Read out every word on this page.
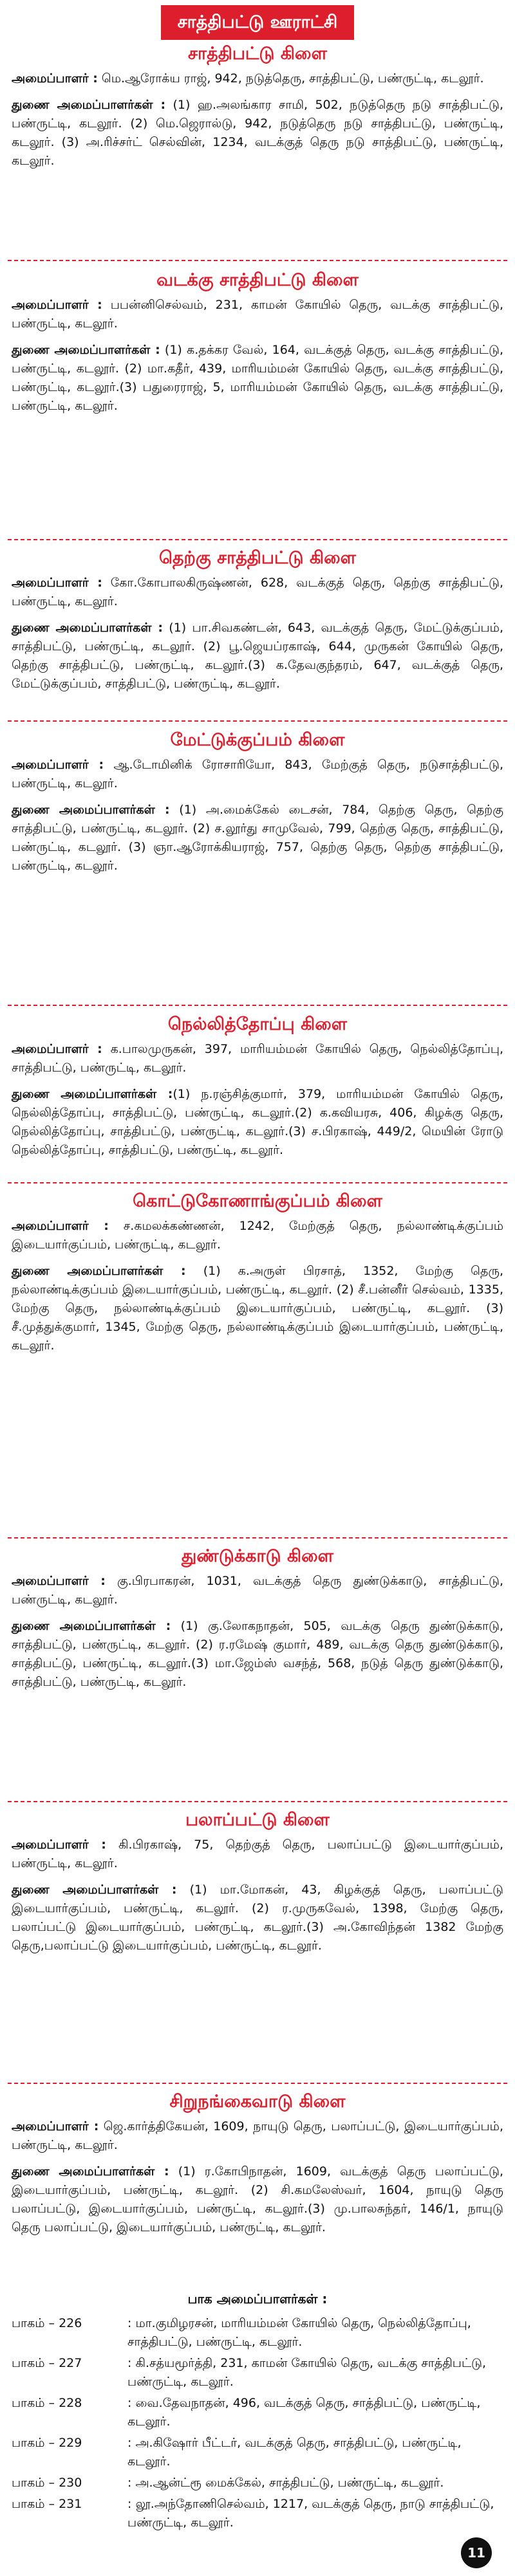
சாத்திபட்டு ஊராட்சி
சாத்திபட்டு கிளை

அமைப்பாளர் : மெ.ஆரோக்ய ராஜ், 942, நடுத்தெரு, சாத்திபட்டு, பண்ருட்டி, கடலூர்.

துணை அமைப்பாளர்கள் : (1) ஹ.அலங்கார சாமி, 502, நடுத்தெரு நடு சாத்திபட்டு, பண்ருட்டி, கடலூர். (2) மெ.ஜெரால்டு, 942, நடுத்தெரு நடு சாத்திபட்டு, பண்ருட்டி, கடலூர். (3) அ.ரிச்சர்ட் செல்வின், 1234, வடக்குத் தெரு நடு சாத்திபட்டு, பண்ருட்டி, கடலூர்.

வடக்கு சாத்திபட்டு கிளை

அமைப்பாளர் : பபன்னிசெல்வம், 231, காமன் கோயில் தெரு, வடக்கு சாத்திபட்டு, பண்ருட்டி, கடலூர்.

துணை அமைப்பாளர்கள் : (1) க.தக்கர வேல், 164, வடக்குத் தெரு, வடக்கு சாத்திபட்டு, பண்ருட்டி, கடலூர். (2) மா.கதீர், 439, மாரியம்மன் கோயில் தெரு, வடக்கு சாத்திபட்டு, பண்ருட்டி, கடலூர்.(3) பதுரைராஜ், 5, மாரியம்மன் கோயில் தெரு, வடக்கு சாத்திபட்டு, பண்ருட்டி, கடலூர்.

தெற்கு சாத்திபட்டு கிளை

அமைப்பாளர் : கோ.கோபாலகிருஷ்ணன், 628, வடக்குத் தெரு, தெற்கு சாத்திபட்டு, பண்ருட்டி, கடலூர்.

துணை அமைப்பாளர்கள் : (1) பா.சிவகண்டன், 643, வடக்குத் தெரு, மேட்டுக்குப்பம், சாத்திபட்டு, பண்ருட்டி, கடலூர். (2) பூ.ஜெயப்ரகாஷ், 644, முருகன் கோயில் தெரு, தெற்கு சாத்திபட்டு, பண்ருட்டி, கடலூர்.(3) க.தேவகுந்தரம், 647, வடக்குத் தெரு, மேட்டுக்குப்பம், சாத்திபட்டு, பண்ருட்டி, கடலூர்.

மேட்டுக்குப்பம் கிளை

அமைப்பாளர் : ஆ.டோமினிக் ரோசாரியோ, 843, மேற்குத் தெரு, நடுசாத்திபட்டு, பண்ருட்டி, கடலூர்.

துணை அமைப்பாளர்கள் : (1) அ.மைக்கேல் டைசன், 784, தெற்கு தெரு, தெற்கு சாத்திபட்டு, பண்ருட்டி, கடலூர். (2) ச.லூர்து சாமுவேல், 799, தெற்கு தெரு, சாத்திபட்டு, பண்ருட்டி, கடலூர். (3) ஞா.ஆரோக்கியராஜ், 757, தெற்கு தெரு, தெற்கு சாத்திபட்டு, பண்ருட்டி, கடலூர்.

நெல்லித்தோப்பு கிளை

அமைப்பாளர் : க.பாலமுருகன், 397, மாரியம்மன் கோயில் தெரு, நெல்லித்தோப்பு, சாத்திபட்டு, பண்ருட்டி, கடலூர்.

துணை அமைப்பாளர்கள் :(1) ந.ரஞ்சித்குமார், 379, மாரியம்மன் கோயில் தெரு, நெல்லித்தோப்பு, சாத்திபட்டு, பண்ருட்டி, கடலூர்.(2) க.கவியரசு, 406, கிழக்கு தெரு, நெல்லித்தோப்பு, சாத்திபட்டு, பண்ருட்டி, கடலூர்.(3) ச.பிரகாஷ், 449/2, மெயின் ரோடு நெல்லித்தோப்பு, சாத்திபட்டு, பண்ருட்டி, கடலூர்.

கொட்டுகோணாங்குப்பம் கிளை

அமைப்பாளர் : ச.கமலக்கண்ணன், 1242, மேற்குத் தெரு, நல்லாண்டிக்குப்பம் இடையார்குப்பம், பண்ருட்டி, கடலூர்.

துணை அமைப்பாளர்கள் : (1) க.அருள் பிரசாத், 1352, மேற்கு தெரு, நல்லாண்டிக்குப்பம் இடையார்குப்பம், பண்ருட்டி, கடலூர். (2) சீ.பன்னீர் செல்வம், 1335, மேற்கு தெரு, நல்லாண்டிக்குப்பம் இடையார்குப்பம், பண்ருட்டி, கடலூர். (3) சீ.முத்துக்குமார், 1345, மேற்கு தெரு, நல்லாண்டிக்குப்பம் இடையார்குப்பம், பண்ருட்டி, கடலூர்.

துண்டுக்காடு கிளை

அமைப்பாளர் : கு.பிரபாகரன், 1031, வடக்குத் தெரு துண்டுக்காடு, சாத்திபட்டு, பண்ருட்டி, கடலூர்.

துணை அமைப்பாளர்கள் : (1) கு.லோகநாதன், 505, வடக்கு தெரு துண்டுக்காடு, சாத்திபட்டு, பண்ருட்டி, கடலூர். (2) ர.ரமேஷ் குமார், 489, வடக்கு தெரு துண்டுக்காடு, சாத்திபட்டு, பண்ருட்டி, கடலூர்.(3) மா.ஜேம்ஸ் வசந்த், 568, நடுத் தெரு துண்டுக்காடு, சாத்திபட்டு, பண்ருட்டி, கடலூர்.

பலாப்பட்டு கிளை

அமைப்பாளர் : கி.பிரகாஷ், 75, தெற்குத் தெரு, பலாப்பட்டு இடையார்குப்பம், பண்ருட்டி, கடலூர்.

துணை அமைப்பாளர்கள் : (1) மா.மோகன், 43, கிழக்குத் தெரு, பலாப்பட்டு இடையார்குப்பம், பண்ருட்டி, கடலூர். (2) ர.முருகவேல், 1398, மேற்கு தெரு, பலாப்பட்டு இடையார்குப்பம், பண்ருட்டி, கடலூர்.(3) அ.கோவிந்தன் 1382 மேற்கு தெரு,பலாப்பட்டு இடையார்குப்பம், பண்ருட்டி, கடலூர்.

சிறுநங்கைவாடு கிளை

அமைப்பாளர் : ஜெ.கார்த்திகேயன், 1609, நாயுடு தெரு, பலாப்பட்டு, இடையார்குப்பம், பண்ருட்டி, கடலூர்.

துணை அமைப்பாளர்கள் : (1) ர.கோபிநாதன், 1609, வடக்குத் தெரு பலாப்பட்டு, இடையார்குப்பம், பண்ருட்டி, கடலூர். (2) சி.கமலேஸ்வர், 1604, நாயுடு தெரு பலாப்பட்டு, இடையார்குப்பம், பண்ருட்டி, கடலூர்.(3) மு.பாலசுந்தர், 146/1, நாயுடு தெரு பலாப்பட்டு, இடையார்குப்பம், பண்ருட்டி, கடலூர்.

பாக அமைப்பாளர்கள் :
பாகம் – 226	: மா.குமிழரசன், மாரியம்மன் கோயில் தெரு, நெல்லித்தோப்பு, சாத்திபட்டு, பண்ருட்டி, கடலூர்.
பாகம் – 227	: கி.சத்யமூர்த்தி, 231, காமன் கோயில் தெரு, வடக்கு சாத்திபட்டு, பண்ருட்டி, கடலூர்.
பாகம் – 228	: வை.தேவநாதன், 496, வடக்குத் தெரு, சாத்திபட்டு, பண்ருட்டி, கடலூர்.
பாகம் – 229	: அ.கிஷோர் பீட்டர், வடக்குத் தெரு, சாத்திபட்டு, பண்ருட்டி, கடலூர்.
பாகம் – 230	: அ.ஆன்ட்ரூ மைக்கேல், சாத்திபட்டு, பண்ருட்டி, கடலூர்.
பாகம் – 231	: லூ.அந்தோணிசெல்வம், 1217, வடக்குத் தெரு, நாடு சாத்திபட்டு, பண்ருட்டி, கடலூர்.
11
